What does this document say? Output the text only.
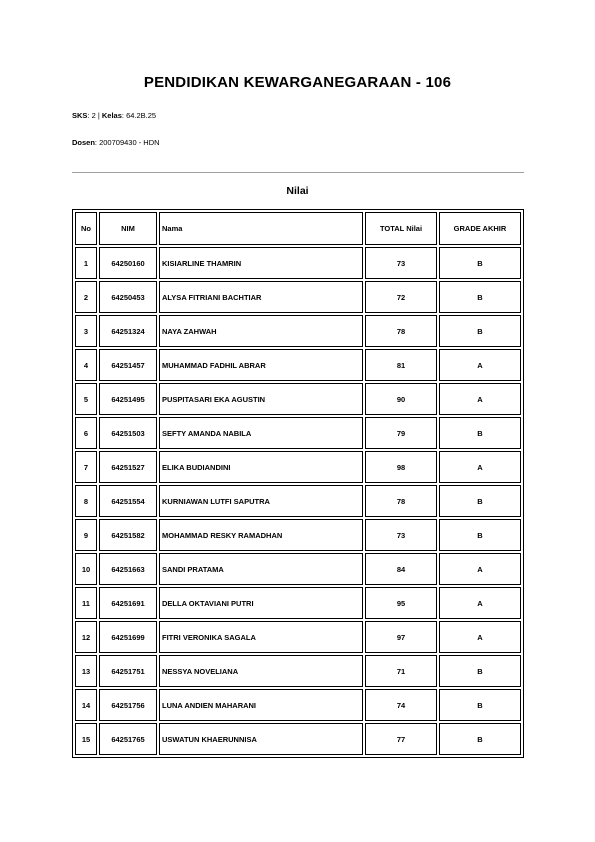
PENDIDIKAN KEWARGANEGARAAN - 106
SKS: 2 | Kelas: 64.2B.25
Dosen: 200709430 - HDN
Nilai
No	NIM	Nama	TOTAL Nilai	GRADE AKHIR
1	64250160	KISIARLINE THAMRIN	73	B
2	64250453	ALYSA FITRIANI BACHTIAR	72	B
3	64251324	NAYA ZAHWAH	78	B
4	64251457	MUHAMMAD FADHIL ABRAR	81	A
5	64251495	PUSPITASARI EKA AGUSTIN	90	A
6	64251503	SEFTY AMANDA NABILA	79	B
7	64251527	ELIKA BUDIANDINI	98	A
8	64251554	KURNIAWAN LUTFI SAPUTRA	78	B
9	64251582	MOHAMMAD RESKY RAMADHAN	73	B
10	64251663	SANDI PRATAMA	84	A
11	64251691	DELLA OKTAVIANI PUTRI	95	A
12	64251699	FITRI VERONIKA SAGALA	97	A
13	64251751	NESSYA NOVELIANA	71	B
14	64251756	LUNA ANDIEN MAHARANI	74	B
15	64251765	USWATUN KHAERUNNISA	77	B
